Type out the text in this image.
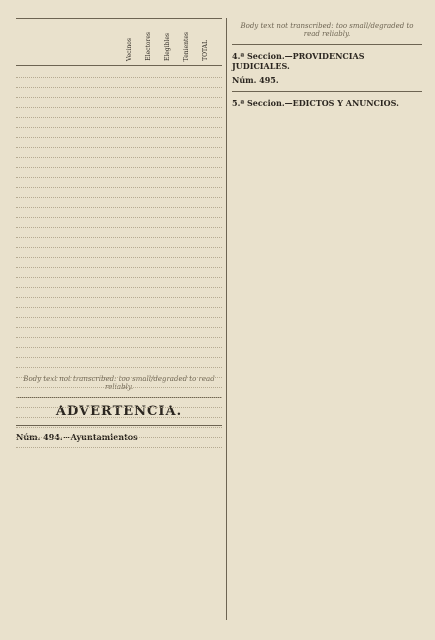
Vecinos Electores Elegibles Tenientes TOTAL
Body text not transcribed: too small/degraded to read reliably.
ADVERTENCIA.
Núm. 494.—Ayuntamientos
Body text not transcribed: too small/degraded to read reliably.
4.ª Seccion.—PROVIDENCIAS JUDICIALES.
Núm. 495.
5.ª Seccion.—EDICTOS Y ANUNCIOS.
